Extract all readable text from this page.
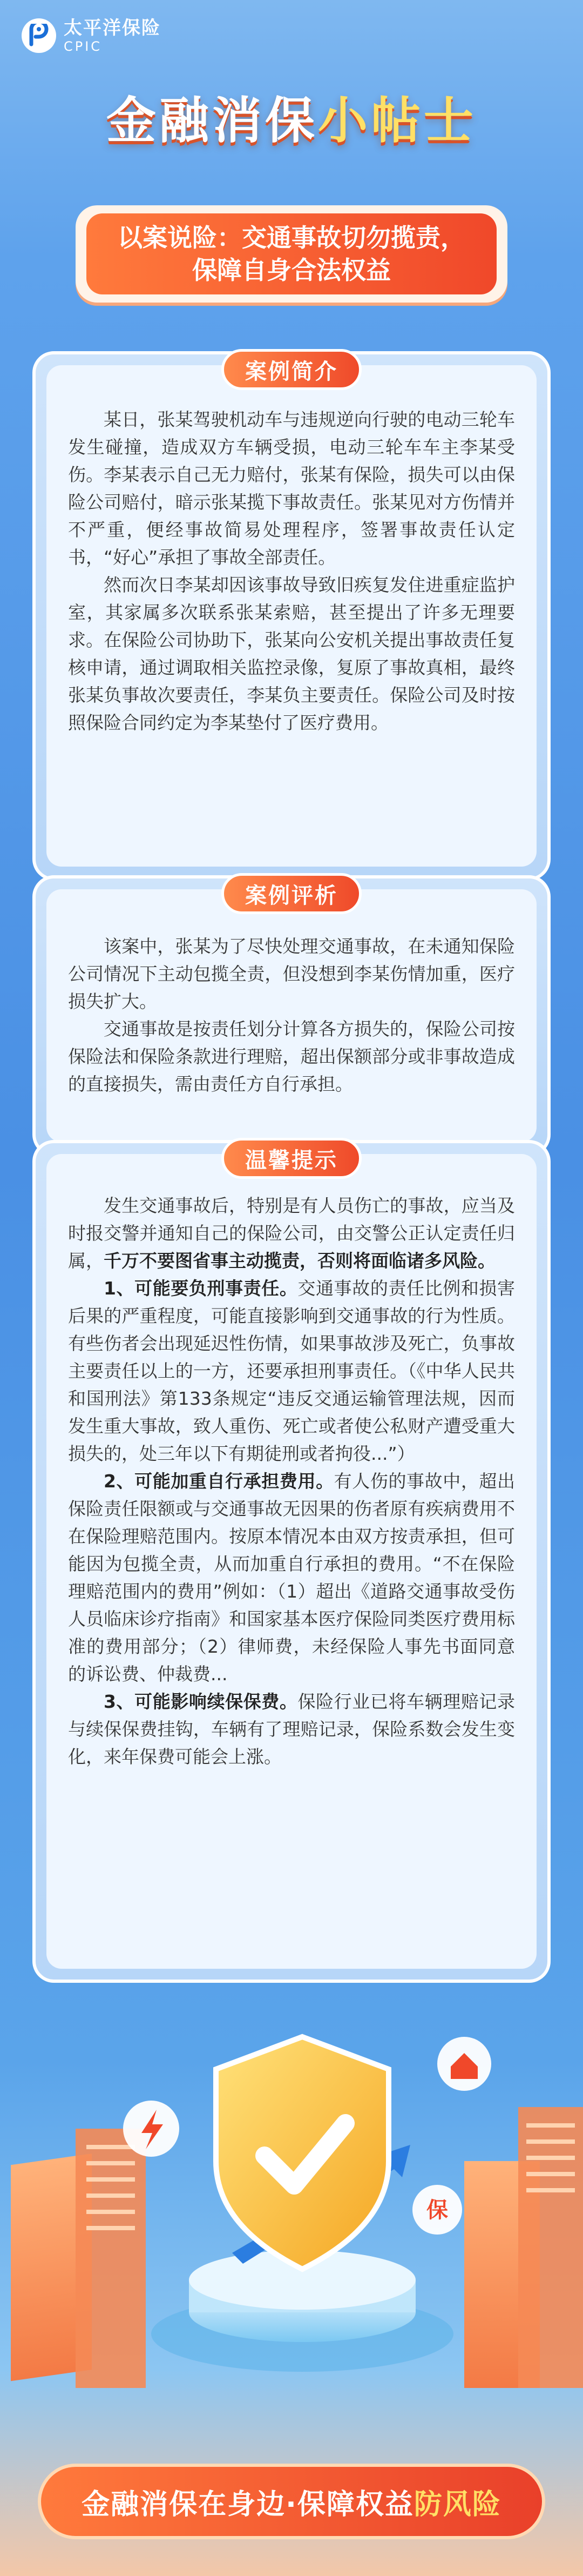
太平洋保险
CPIC
金融消保小帖士
以案说险：交通事故切勿揽责，
保障自身合法权益
案例简介

某日，张某驾驶机动车与违规逆向行驶的电动三轮车发生碰撞，造成双方车辆受损，电动三轮车车主李某受伤。李某表示自己无力赔付，张某有保险，损失可以由保险公司赔付，暗示张某揽下事故责任。张某见对方伤情并不严重，便经事故简易处理程序，签署事故责任认定书，“好心”承担了事故全部责任。

然而次日李某却因该事故导致旧疾复发住进重症监护室，其家属多次联系张某索赔，甚至提出了许多无理要求。在保险公司协助下，张某向公安机关提出事故责任复核申请，通过调取相关监控录像，复原了事故真相，最终张某负事故次要责任，李某负主要责任。保险公司及时按照保险合同约定为李某垫付了医疗费用。

案例评析

该案中，张某为了尽快处理交通事故，在未通知保险公司情况下主动包揽全责，但没想到李某伤情加重，医疗损失扩大。

交通事故是按责任划分计算各方损失的，保险公司按保险法和保险条款进行理赔，超出保额部分或非事故造成的直接损失，需由责任方自行承担。

温馨提示

发生交通事故后，特别是有人员伤亡的事故，应当及时报交警并通知自己的保险公司，由交警公正认定责任归属，千万不要图省事主动揽责，否则将面临诸多风险。

1、可能要负刑事责任。交通事故的责任比例和损害后果的严重程度，可能直接影响到交通事故的行为性质。有些伤者会出现延迟性伤情，如果事故涉及死亡，负事故主要责任以上的一方，还要承担刑事责任。（《中华人民共和国刑法》第133条规定“违反交通运输管理法规，因而发生重大事故，致人重伤、死亡或者使公私财产遭受重大损失的，处三年以下有期徒刑或者拘役...”）

2、可能加重自行承担费用。有人伤的事故中，超出保险责任限额或与交通事故无因果的伤者原有疾病费用不在保险理赔范围内。按原本情况本由双方按责承担，但可能因为包揽全责，从而加重自行承担的费用。“不在保险理赔范围内的费用”例如：（1）超出《道路交通事故受伤人员临床诊疗指南》和国家基本医疗保险同类医疗费用标准的费用部分；（2）律师费，未经保险人事先书面同意的诉讼费、仲裁费...

3、可能影响续保保费。保险行业已将车辆理赔记录与续保保费挂钩，车辆有了理赔记录，保险系数会发生变化，来年保费可能会上涨。

保
金融消保在身边·保障权益 防风险
